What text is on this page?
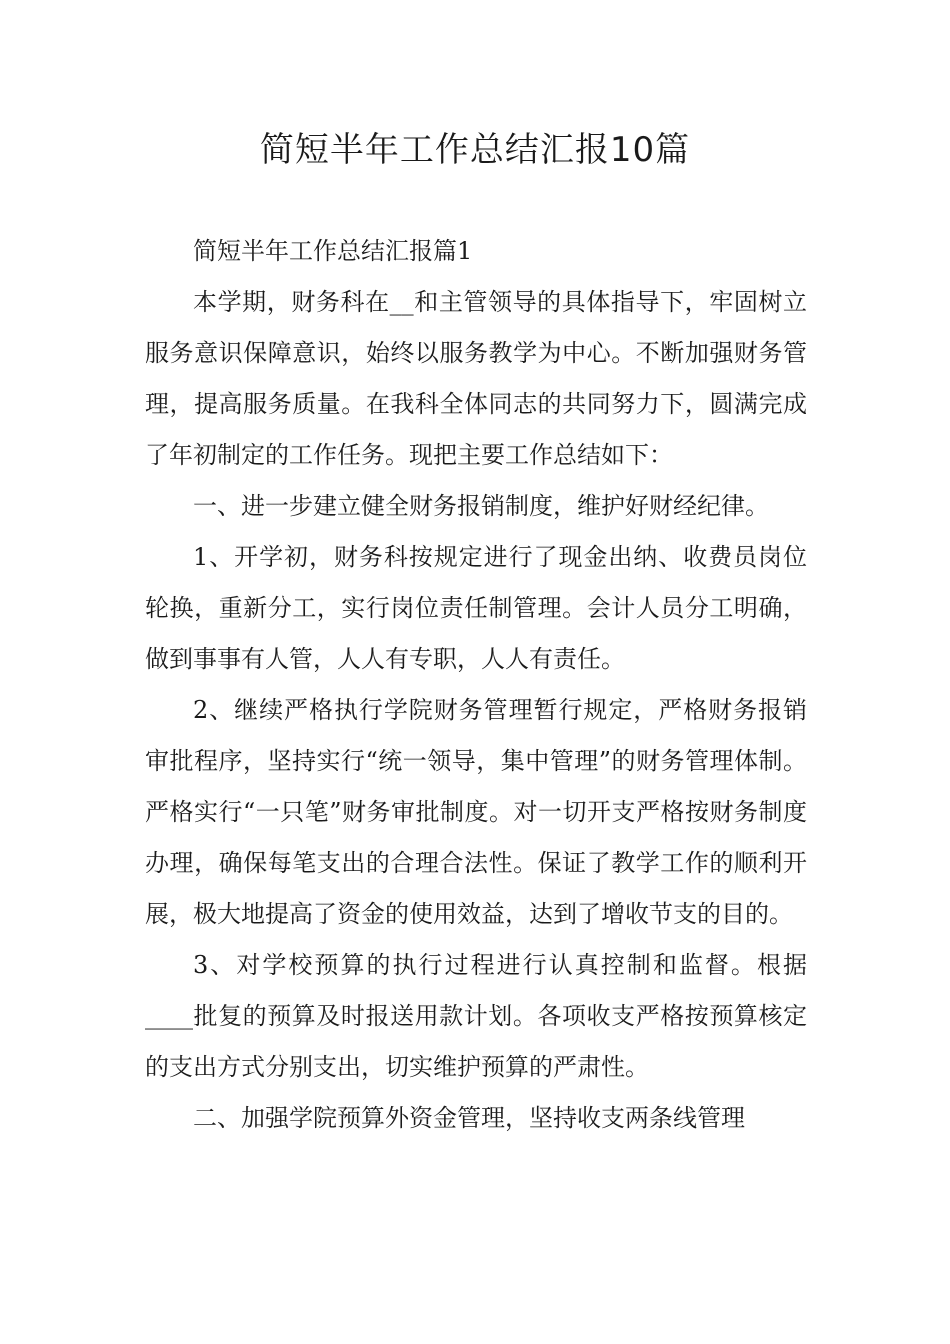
简短半年工作总结汇报10篇

简短半年工作总结汇报篇1

本学期，财务科在__和主管领导的具体指导下，牢固树立服务意识保障意识，始终以服务教学为中心。不断加强财务管理，提高服务质量。在我科全体同志的共同努力下，圆满完成了年初制定的工作任务。现把主要工作总结如下：

一、进一步建立健全财务报销制度，维护好财经纪律。

1、开学初，财务科按规定进行了现金出纳、收费员岗位轮换，重新分工，实行岗位责任制管理。会计人员分工明确，做到事事有人管，人人有专职，人人有责任。

2、继续严格执行学院财务管理暂行规定，严格财务报销审批程序，坚持实行“统一领导，集中管理”的财务管理体制。严格实行“一只笔”财务审批制度。对一切开支严格按财务制度办理，确保每笔支出的合理合法性。保证了教学工作的顺利开展，极大地提高了资金的使用效益，达到了增收节支的目的。

3、对学校预算的执行过程进行认真控制和监督。根据____批复的预算及时报送用款计划。各项收支严格按预算核定的支出方式分别支出，切实维护预算的严肃性。

二、加强学院预算外资金管理，坚持收支两条线管理
